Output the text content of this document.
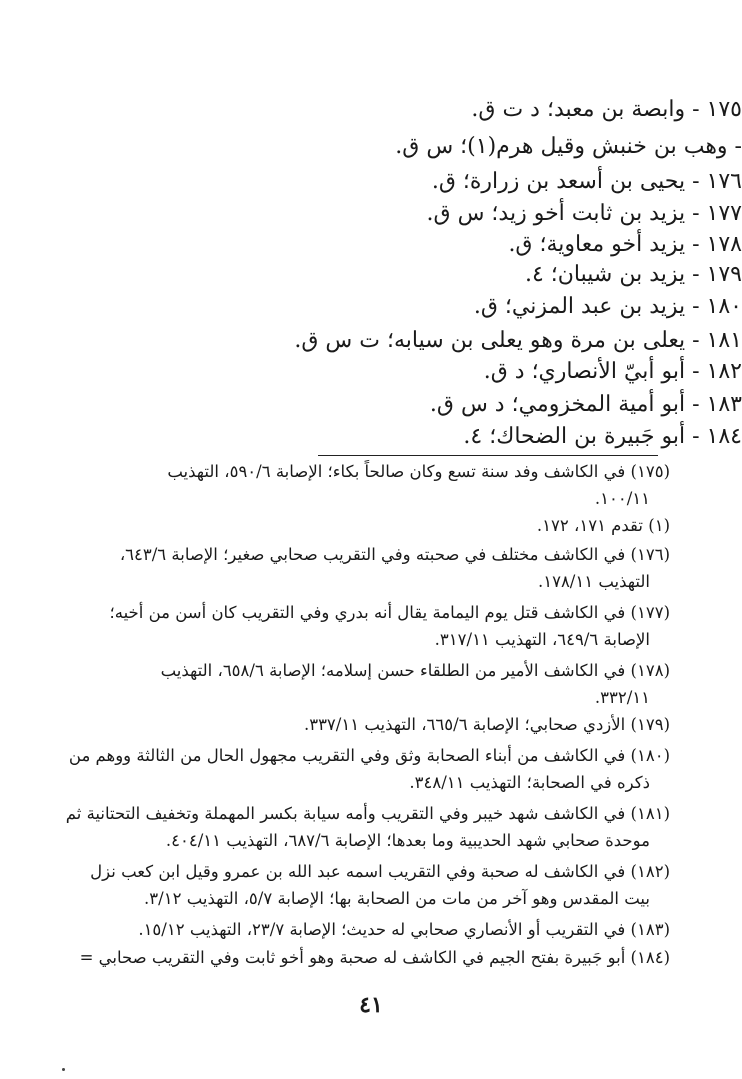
١٧٥ - وابصة بن معبد؛ د ت ق.
- وهب بن خنبش وقيل هرم(١)؛ س ق.
١٧٦ - يحيى بن أسعد بن زرارة؛ ق.
١٧٧ - يزيد بن ثابت أخو زيد؛ س ق.
١٧٨ - يزيد أخو معاوية؛ ق.
١٧٩ - يزيد بن شيبان؛ ٤.
١٨٠ - يزيد بن عبد المزني؛ ق.
١٨١ - يعلى بن مرة وهو يعلى بن سيابه؛ ت س ق.
١٨٢ - أبو أبيّ الأنصاري؛ د ق.
١٨٣ - أبو أمية المخزومي؛ د س ق.
١٨٤ - أبو جَبيرة بن الضحاك؛ ٤.
(١٧٥) في الكاشف وفد سنة تسع وكان صالحاً بكاء؛ الإصابة ٥٩٠/٦، التهذيب
١٠٠/١١.
(١) تقدم ١٧١، ١٧٢.
(١٧٦) في الكاشف مختلف في صحبته وفي التقريب صحابي صغير؛ الإصابة ٦٤٣/٦،
التهذيب ١٧٨/١١.
(١٧٧) في الكاشف قتل يوم اليمامة يقال أنه بدري وفي التقريب كان أسن من أخيه؛
الإصابة ٦٤٩/٦، التهذيب ٣١٧/١١.
(١٧٨) في الكاشف الأمير من الطلقاء حسن إسلامه؛ الإصابة ٦٥٨/٦، التهذيب
٣٣٢/١١.
(١٧٩) الأزدي صحابي؛ الإصابة ٦٦٥/٦، التهذيب ٣٣٧/١١.
(١٨٠) في الكاشف من أبناء الصحابة وثق وفي التقريب مجهول الحال من الثالثة ووهم من
ذكره في الصحابة؛ التهذيب ٣٤٨/١١.
(١٨١) في الكاشف شهد خيبر وفي التقريب وأمه سيابة بكسر المهملة وتخفيف التحتانية ثم
موحدة صحابي شهد الحديبية وما بعدها؛ الإصابة ٦٨٧/٦، التهذيب ٤٠٤/١١.
(١٨٢) في الكاشف له صحبة وفي التقريب اسمه عبد الله بن عمرو وقيل ابن كعب نزل
بيت المقدس وهو آخر من مات من الصحابة بها؛ الإصابة ٥/٧، التهذيب ٣/١٢.
(١٨٣) في التقريب أو الأنصاري صحابي له حديث؛ الإصابة ٢٣/٧، التهذيب ١٥/١٢.
(١٨٤) أبو جَبيرة بفتح الجيم في الكاشف له صحبة وهو أخو ثابت وفي التقريب صحابي =
٤١
